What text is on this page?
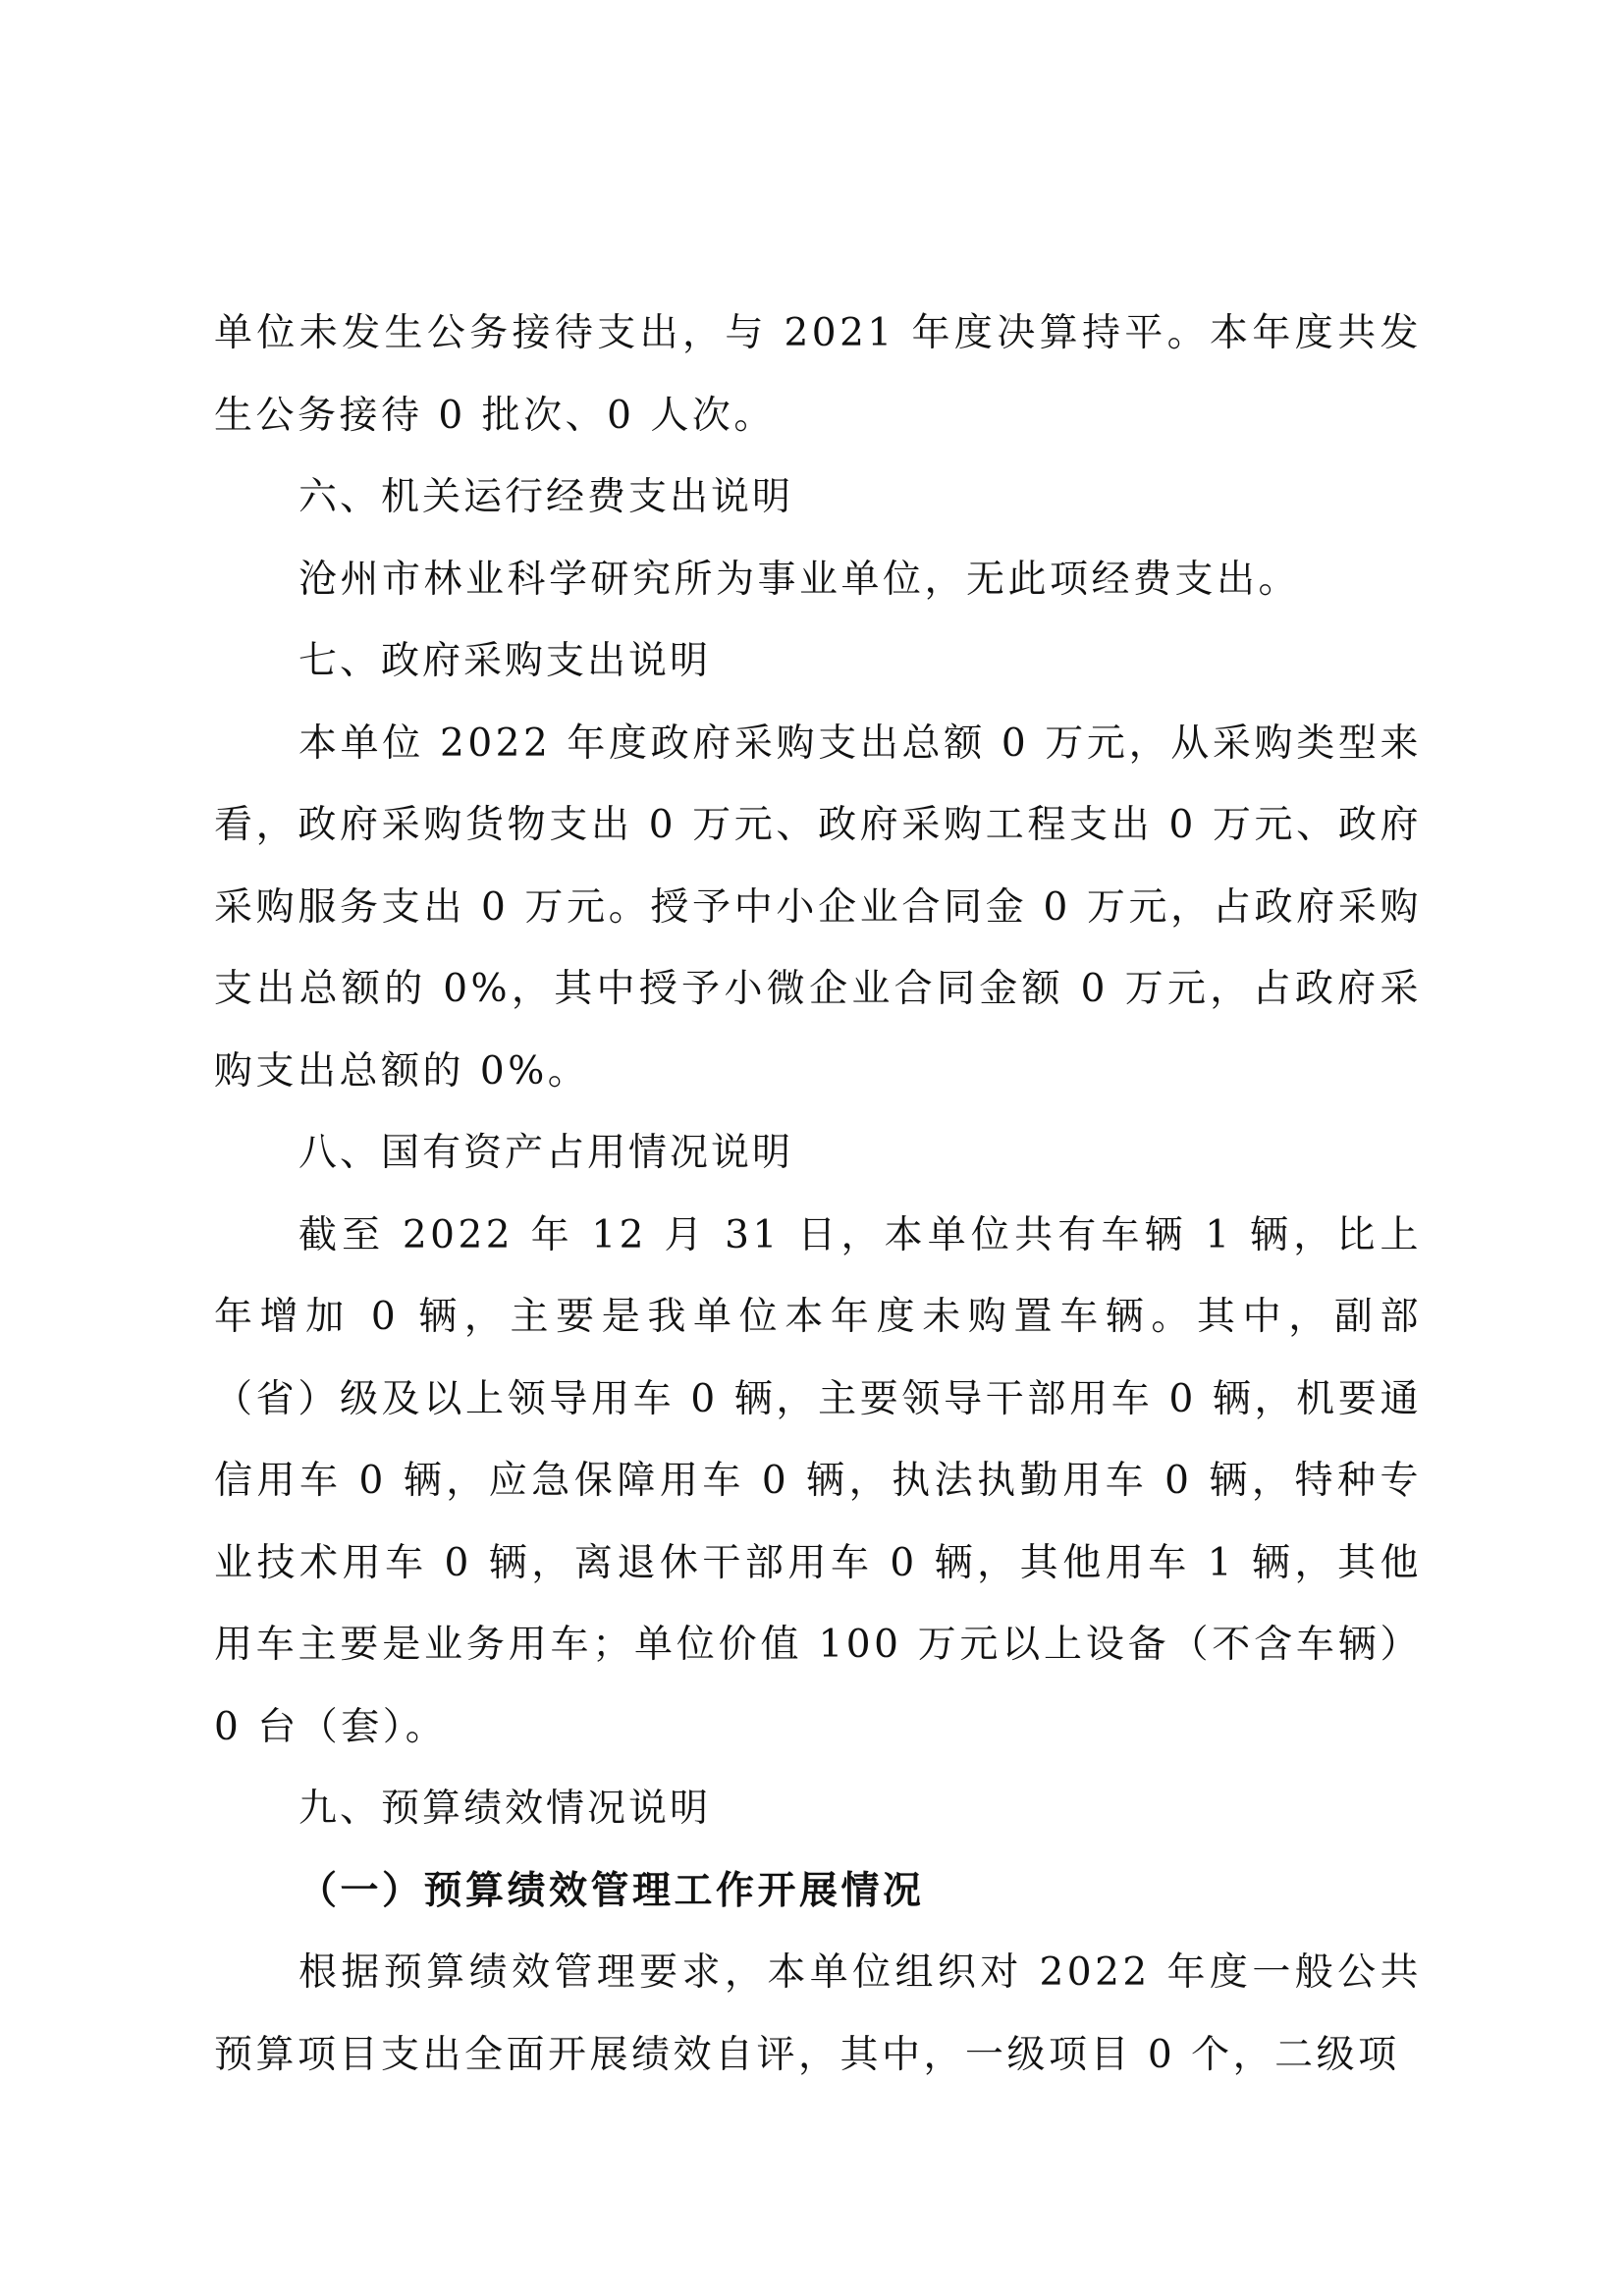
单位未发生公务接待支出，与 2021 年度决算持平。本年度共发生公务接待 0 批次、0 人次。

六、机关运行经费支出说明

沧州市林业科学研究所为事业单位，无此项经费支出。

七、政府采购支出说明

本单位 2022 年度政府采购支出总额 0 万元，从采购类型来看，政府采购货物支出 0 万元、政府采购工程支出 0 万元、政府采购服务支出 0 万元。授予中小企业合同金 0 万元，占政府采购支出总额的 0%，其中授予小微企业合同金额 0 万元，占政府采购支出总额的 0%。

八、国有资产占用情况说明

截至 2022 年 12 月 31 日，本单位共有车辆 1 辆，比上年增加 0 辆，主要是我单位本年度未购置车辆。其中，副部（省）级及以上领导用车 0 辆，主要领导干部用车 0 辆，机要通信用车 0 辆，应急保障用车 0 辆，执法执勤用车 0 辆，特种专业技术用车 0 辆，离退休干部用车 0 辆，其他用车 1 辆，其他用车主要是业务用车；单位价值 100 万元以上设备（不含车辆）0 台（套）。

九、预算绩效情况说明
（一）预算绩效管理工作开展情况

根据预算绩效管理要求，本单位组织对 2022 年度一般公共预算项目支出全面开展绩效自评，其中，一级项目 0 个，二级项
